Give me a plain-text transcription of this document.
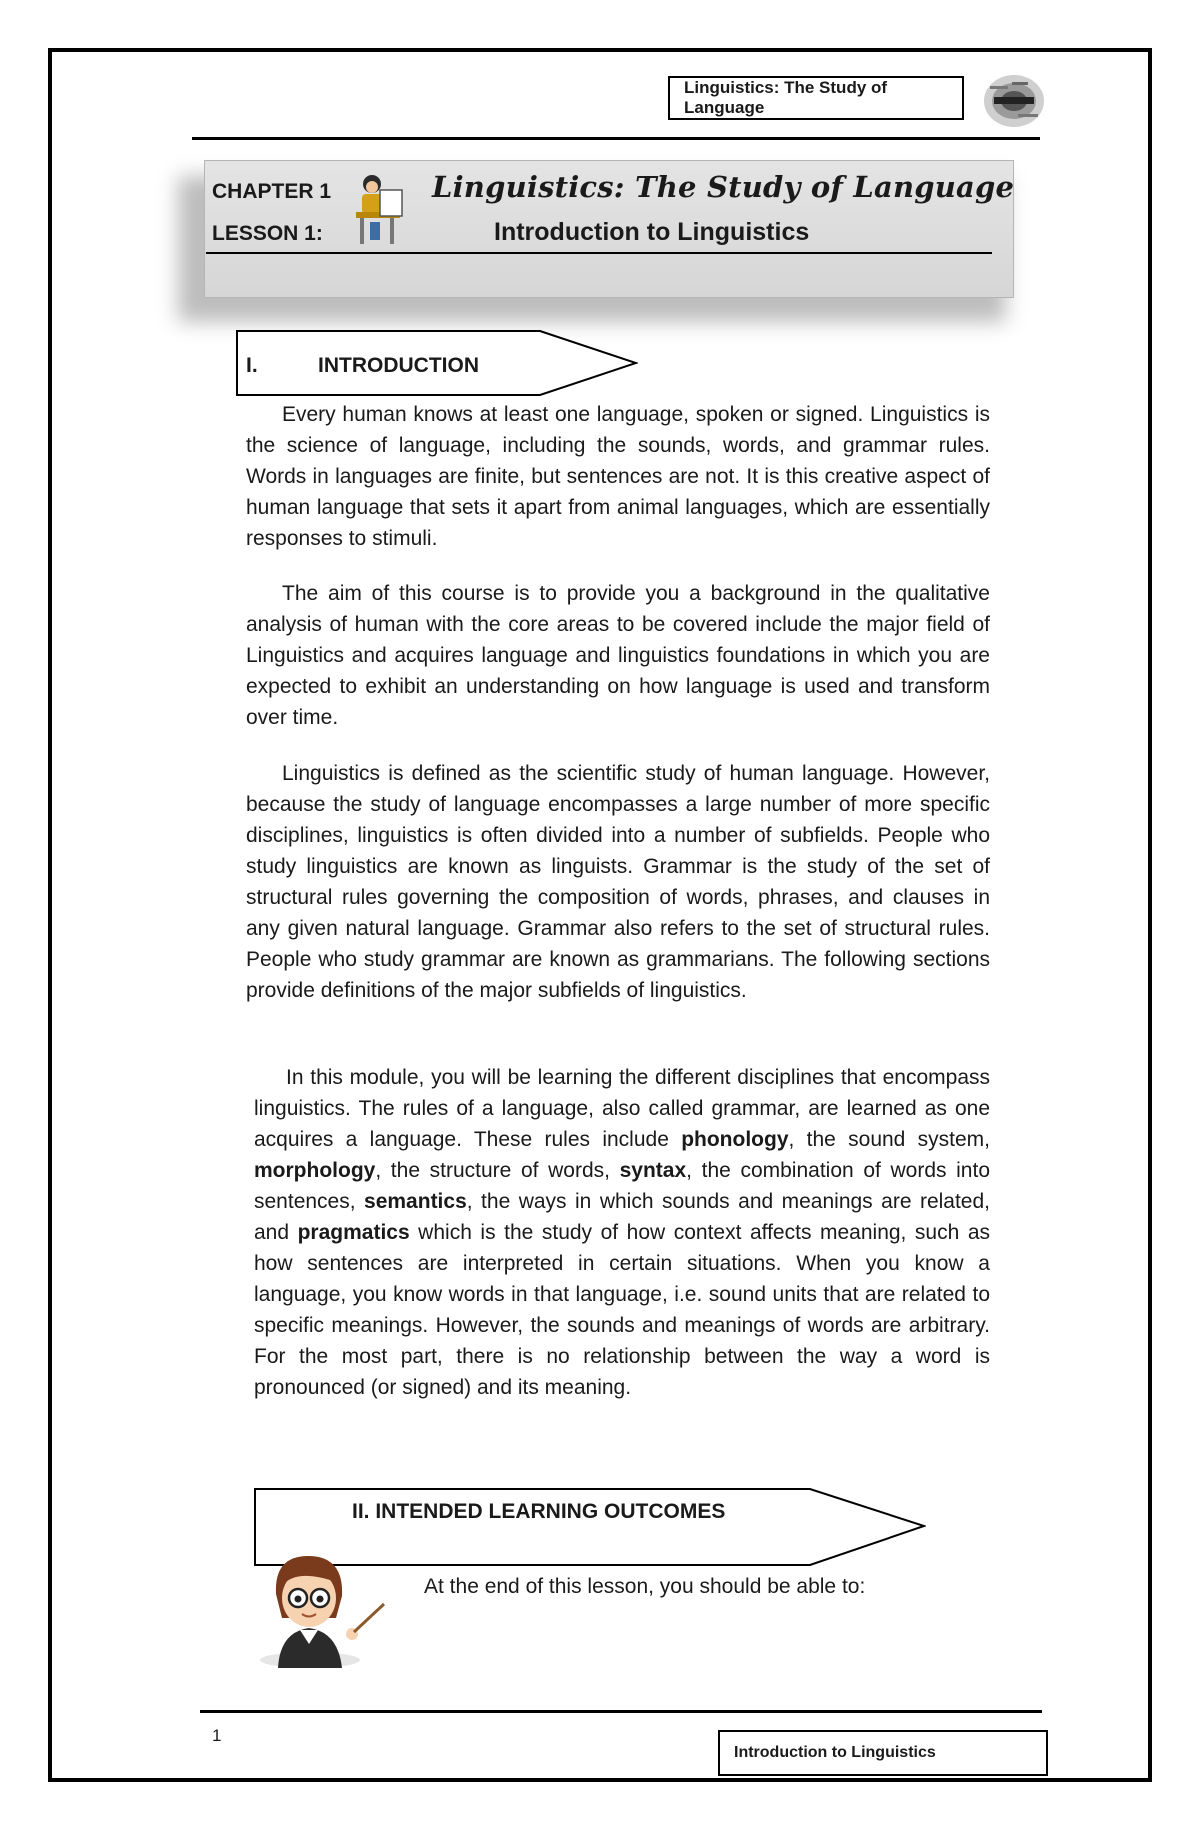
Linguistics: The Study of Language
CHAPTER 1
LESSON 1:
Linguistics: The Study of Language
Introduction to Linguistics
I.	INTRODUCTION
Every human knows at least one language, spoken or signed. Linguistics is the science of language, including the sounds, words, and grammar rules. Words in languages are finite, but sentences are not. It is this creative aspect of human language that sets it apart from animal languages, which are essentially responses to stimuli.
The aim of this course is to provide you a background in the qualitative analysis of human with the core areas to be covered include the major field of Linguistics and acquires language and linguistics foundations in which you are expected to exhibit an understanding on how language is used and transform over time.
Linguistics is defined as the scientific study of human language. However, because the study of language encompasses a large number of more specific disciplines, linguistics is often divided into a number of subfields. People who study linguistics are known as linguists. Grammar is the study of the set of structural rules governing the composition of words, phrases, and clauses in any given natural language. Grammar also refers to the set of structural rules. People who study grammar are known as grammarians. The following sections provide definitions of the major subfields of linguistics.
In this module, you will be learning the different disciplines that encompass linguistics. The rules of a language, also called grammar, are learned as one acquires a language. These rules include phonology, the sound system, morphology, the structure of words, syntax, the combination of words into sentences, semantics, the ways in which sounds and meanings are related, and pragmatics which is the study of how context affects meaning, such as how sentences are interpreted in certain situations. When you know a language, you know words in that language, i.e. sound units that are related to specific meanings. However, the sounds and meanings of words are arbitrary. For the most part, there is no relationship between the way a word is pronounced (or signed) and its meaning.
II. INTENDED LEARNING OUTCOMES
At the end of this lesson, you should be able to:
1
Introduction to Linguistics
